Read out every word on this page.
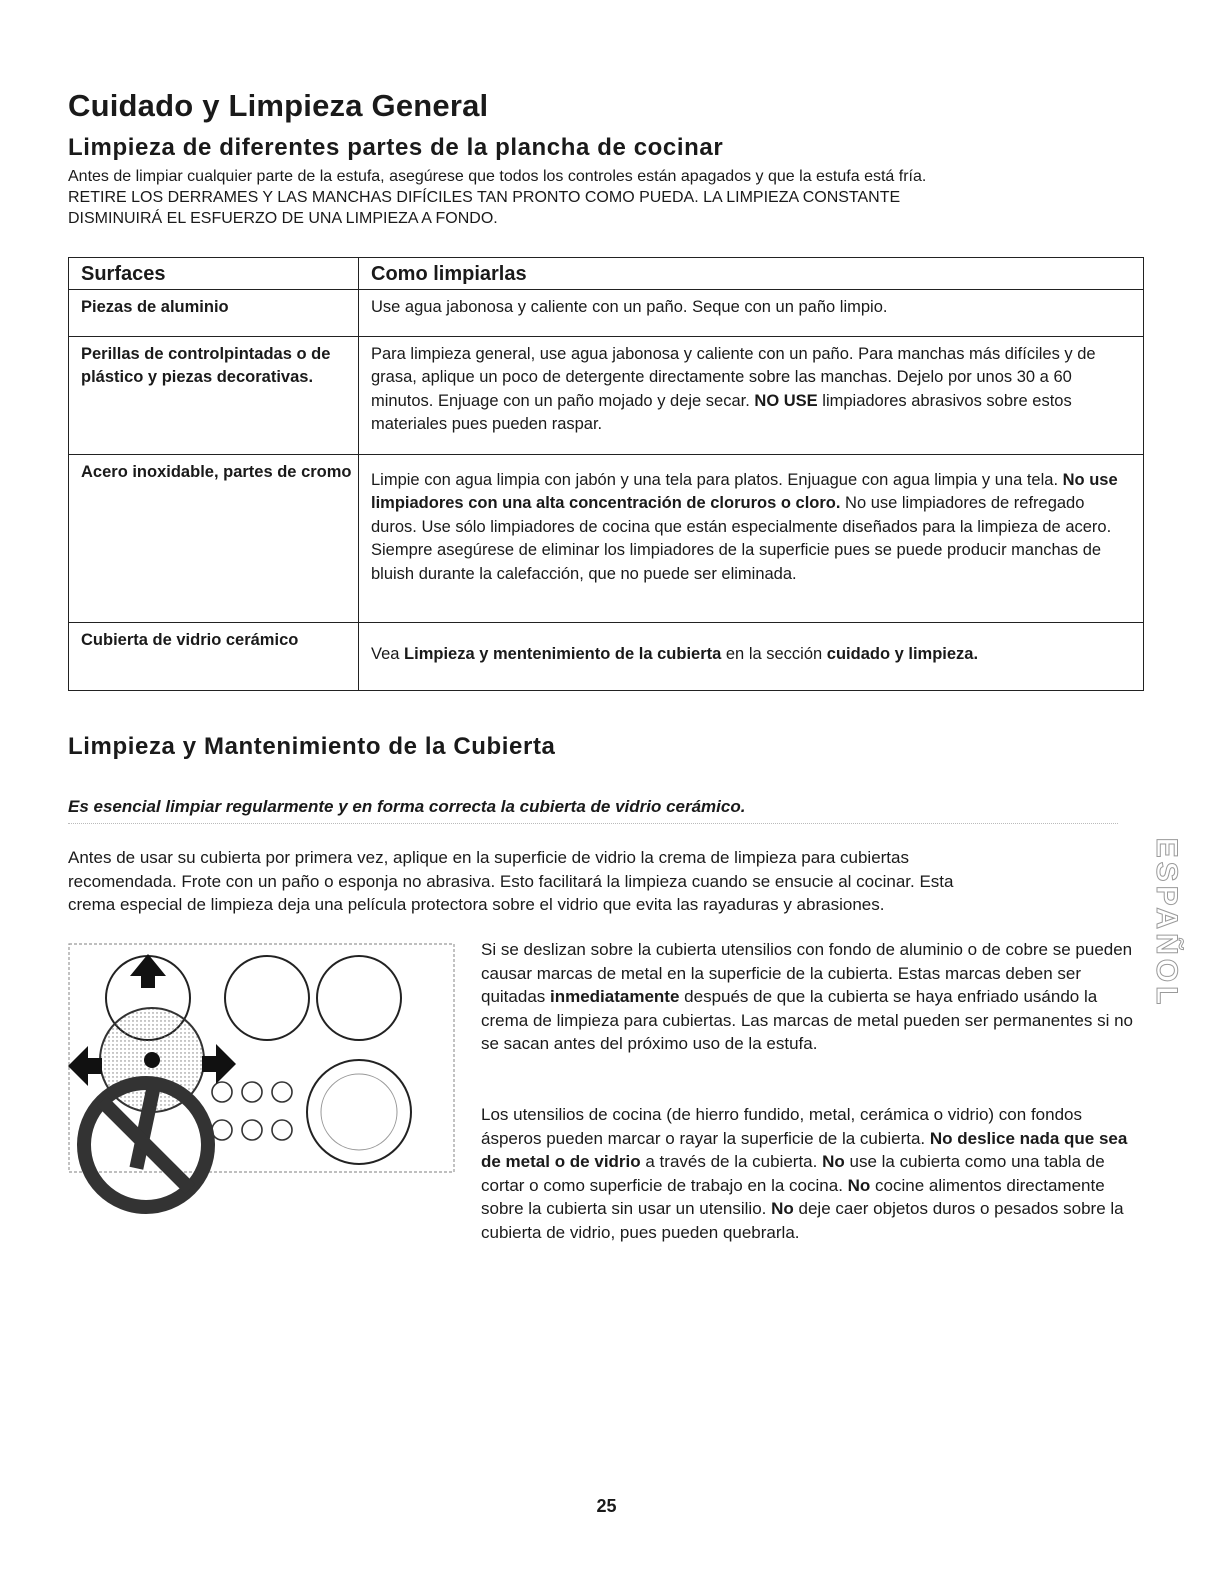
Cuidado y Limpieza General
Limpieza de diferentes partes de la plancha de cocinar
Antes de limpiar cualquier parte de la estufa, asegúrese que todos los controles están apagados y que la estufa está fría.
RETIRE LOS DERRAMES Y LAS MANCHAS DIFÍCILES TAN PRONTO COMO PUEDA. LA LIMPIEZA CONSTANTE
DISMINUIRÁ EL ESFUERZO DE UNA LIMPIEZA A FONDO.
Surfaces	Como limpiarlas
Piezas de aluminio	Use agua jabonosa y caliente con un paño. Seque con un paño limpio.
Perillas de controlpintadas o de plástico y piezas decorativas.	Para limpieza general, use agua jabonosa y caliente con un paño. Para manchas más difíciles y de grasa, aplique un poco de detergente directamente sobre las manchas. Dejelo por unos 30 a 60 minutos. Enjuage con un paño mojado y deje secar. NO USE limpiadores abrasivos sobre estos materiales pues pueden raspar.
Acero inoxidable, partes de cromo	Limpie con agua limpia con jabón y una tela para platos. Enjuague con agua limpia y una tela. No use limpiadores con una alta concentración de cloruros o cloro. No use limpiadores de refregado duros. Use sólo limpiadores de cocina que están especialmente diseñados para la limpieza de acero. Siempre asegúrese de eliminar los limpiadores de la superficie pues se puede producir manchas de bluish durante la calefacción, que no puede ser eliminada.
Cubierta de vidrio cerámico	Vea Limpieza y mentenimiento de la cubierta en la sección cuidado y limpieza.
Limpieza y Mantenimiento de la Cubierta
Es esencial limpiar regularmente y en forma correcta la cubierta de vidrio cerámico.
Antes de usar su cubierta por primera vez, aplique en la superficie de vidrio la crema de limpieza para cubiertas
recomendada. Frote con un paño o esponja no abrasiva. Esto facilitará la limpieza cuando se ensucie al cocinar. Esta
crema especial de limpieza deja una película protectora sobre el vidrio que evita las rayaduras y abrasiones.	ESPAÑOL
Si se deslizan sobre la cubierta utensilios con fondo de aluminio o de cobre se pueden causar marcas de metal en la superficie de la cubierta. Estas marcas deben ser quitadas inmediatamente después de que la cubierta se haya enfriado usándo la crema de limpieza para cubiertas. Las marcas de metal pueden ser permanentes si no se sacan antes del próximo uso de la estufa.
Los utensilios de cocina (de hierro fundido, metal, cerámica o vidrio) con fondos ásperos pueden marcar o rayar la superficie de la cubierta. No deslice nada que sea de metal o de vidrio a través de la cubierta. No use la cubierta como una tabla de cortar o como superficie de trabajo en la cocina. No cocine alimentos directamente sobre la cubierta sin usar un utensilio. No deje caer objetos duros o pesados sobre la cubierta de vidrio, pues pueden quebrarla.
25
